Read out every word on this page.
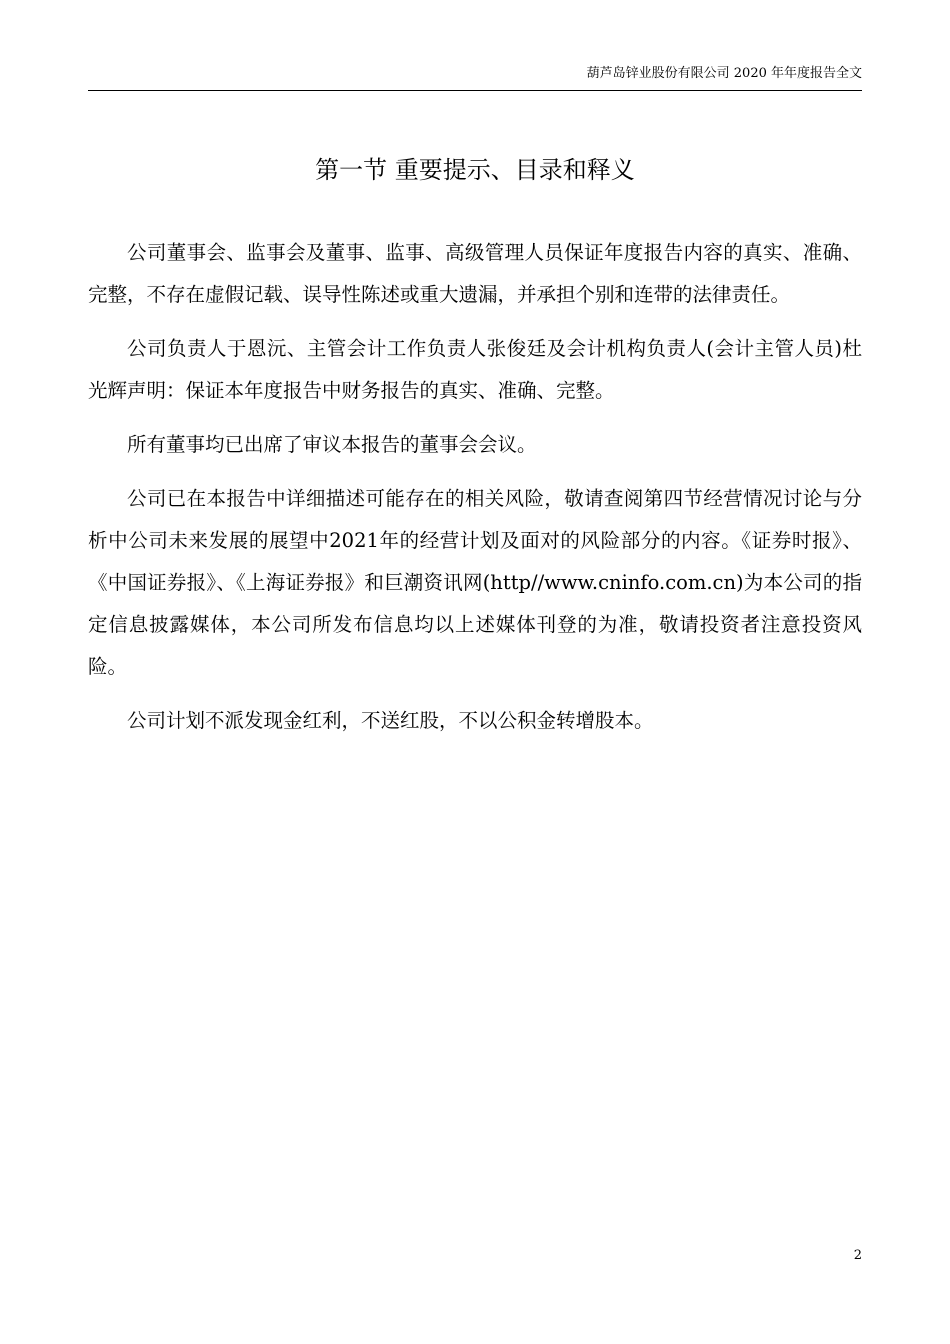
葫芦岛锌业股份有限公司 2020 年年度报告全文
第一节 重要提示、目录和释义

公司董事会、监事会及董事、监事、高级管理人员保证年度报告内容的真实、准确、完整，不存在虚假记载、误导性陈述或重大遗漏，并承担个别和连带的法律责任。

公司负责人于恩沅、主管会计工作负责人张俊廷及会计机构负责人(会计主管人员)杜光辉声明：保证本年度报告中财务报告的真实、准确、完整。

所有董事均已出席了审议本报告的董事会会议。

公司已在本报告中详细描述可能存在的相关风险，敬请查阅第四节经营情况讨论与分析中公司未来发展的展望中2021年的经营计划及面对的风险部分的内容。《证券时报》、《中国证券报》、《上海证券报》和巨潮资讯网(http//www.cninfo.com.cn)为本公司的指定信息披露媒体，本公司所发布信息均以上述媒体刊登的为准，敬请投资者注意投资风险。

公司计划不派发现金红利，不送红股，不以公积金转增股本。

2
